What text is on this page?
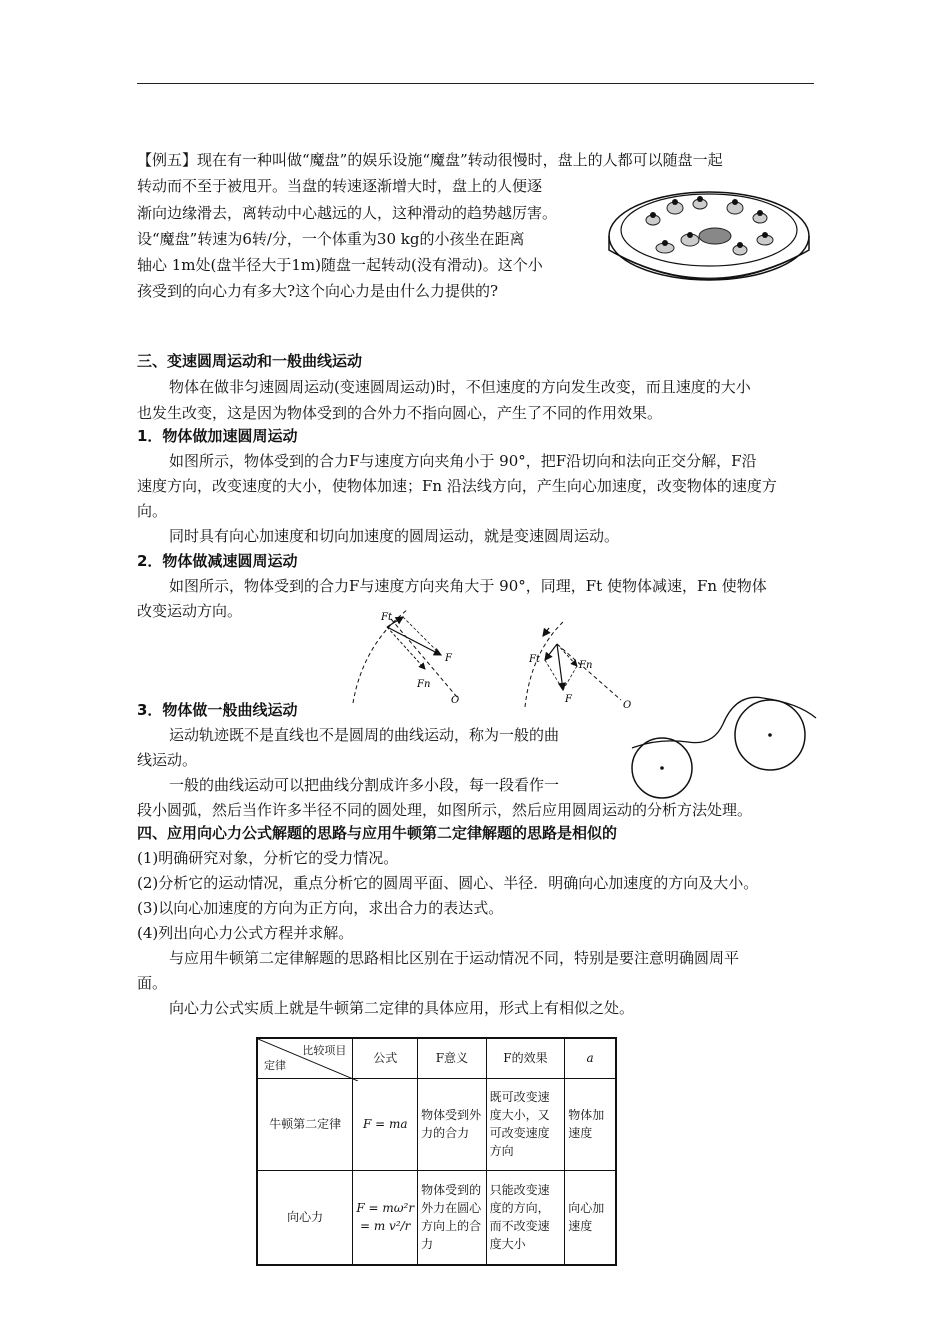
【例五】现在有一种叫做“魔盘”的娱乐设施“魔盘”转动很慢时，盘上的人都可以随盘一起
转动而不至于被甩开。当盘的转速逐渐增大时，盘上的人便逐
渐向边缘滑去，离转动中心越远的人，这种滑动的趋势越厉害。
设“魔盘”转速为6转/分，一个体重为30 kg的小孩坐在距离
轴心 1m处(盘半径大于1m)随盘一起转动(没有滑动)。这个小
孩受到的向心力有多大?这个向心力是由什么力提供的?
三、变速圆周运动和一般曲线运动
物体在做非匀速圆周运动(变速圆周运动)时，不但速度的方向发生改变，而且速度的大小
也发生改变，这是因为物体受到的合外力不指向圆心，产生了不同的作用效果。
1．物体做加速圆周运动
如图所示，物体受到的合力F与速度方向夹角小于 90°，把F沿切向和法向正交分解，F沿
速度方向，改变速度的大小，使物体加速；Fn 沿法线方向，产生向心加速度，改变物体的速度方
向。
同时具有向心加速度和切向加速度的圆周运动，就是变速圆周运动。
2．物体做减速圆周运动
如图所示，物体受到的合力F与速度方向夹角大于 90°，同理，Ft 使物体减速，Fn 使物体
改变运动方向。	Ft
F
Fn
O
Ft
Fn
F
O
3．物体做一般曲线运动
运动轨迹既不是直线也不是圆周的曲线运动，称为一般的曲
线运动。
一般的曲线运动可以把曲线分割成许多小段，每一段看作一
段小圆弧，然后当作许多半径不同的圆处理，如图所示，然后应用圆周运动的分析方法处理。
四、应用向心力公式解题的思路与应用牛顿第二定律解题的思路是相似的
(1)明确研究对象，分析它的受力情况。
(2)分析它的运动情况，重点分析它的圆周平面、圆心、半径．明确向心加速度的方向及大小。
(3)以向心加速度的方向为正方向，求出合力的表达式。
(4)列出向心力公式方程并求解。
与应用牛顿第二定律解题的思路相比区别在于运动情况不同，特别是要注意明确圆周平
面。
向心力公式实质上就是牛顿第二定律的具体应用，形式上有相似之处。
比较项目
定律	公式	F意义	F的效果	a
牛顿第二定律	F = ma	物体受到外力的合力	既可改变速度大小，又可改变速度方向	物体加速度
向心力	F = mω²r
= m v²/r	物体受到的外力在圆心方向上的合力	只能改变速度的方向，而不改变速度大小	向心加速度
